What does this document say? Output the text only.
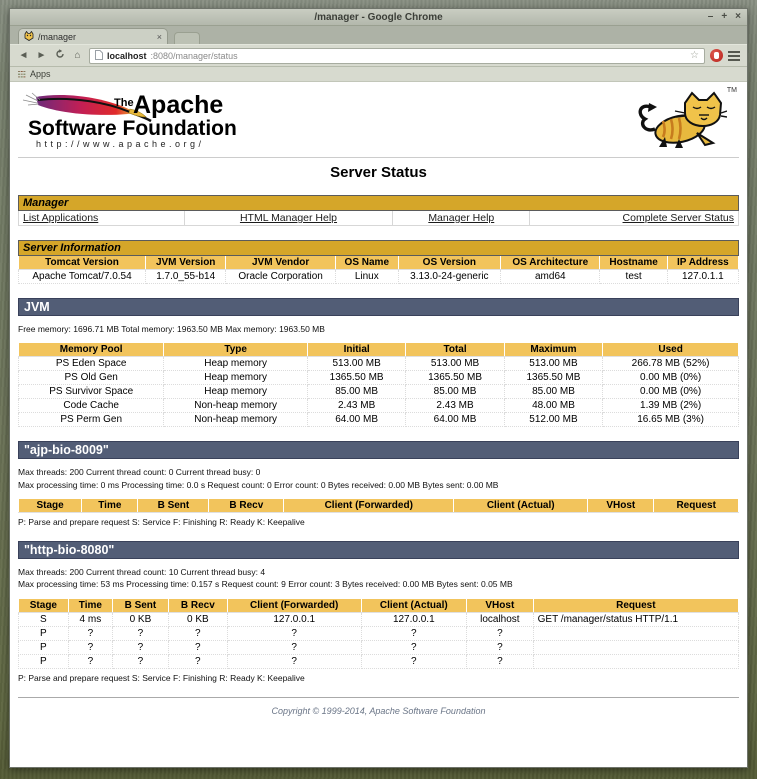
/manager - Google Chrome	– + ×
/manager	×
◄ ►	⌂	localhost :8080/manager/status	☆
Apps
The Apache
Software Foundation
http://www.apache.org/
TM
Server Status
Manager
List Applications	HTML Manager Help	Manager Help	Complete Server Status
Server Information							
Tomcat Version	JVM Version	JVM Vendor	OS Name	OS Version	OS Architecture	Hostname	IP Address
Apache Tomcat/7.0.54	1.7.0_55-b14	Oracle Corporation	Linux	3.13.0-24-generic	amd64	test	127.0.1.1
JVM
Free memory: 1696.71 MB Total memory: 1963.50 MB Max memory: 1963.50 MB
Memory Pool	Type	Initial	Total	Maximum	Used
PS Eden Space	Heap memory	513.00 MB	513.00 MB	513.00 MB	266.78 MB (52%)
PS Old Gen	Heap memory	1365.50 MB	1365.50 MB	1365.50 MB	0.00 MB (0%)
PS Survivor Space	Heap memory	85.00 MB	85.00 MB	85.00 MB	0.00 MB (0%)
Code Cache	Non-heap memory	2.43 MB	2.43 MB	48.00 MB	1.39 MB (2%)
PS Perm Gen	Non-heap memory	64.00 MB	64.00 MB	512.00 MB	16.65 MB (3%)
"ajp-bio-8009"
Max threads: 200 Current thread count: 0 Current thread busy: 0
Max processing time: 0 ms Processing time: 0.0 s Request count: 0 Error count: 0 Bytes received: 0.00 MB Bytes sent: 0.00 MB
Stage	Time	B Sent	B Recv	Client (Forwarded)	Client (Actual)	VHost	Request
P: Parse and prepare request S: Service F: Finishing R: Ready K: Keepalive
"http-bio-8080"
Max threads: 200 Current thread count: 10 Current thread busy: 4
Max processing time: 53 ms Processing time: 0.157 s Request count: 9 Error count: 3 Bytes received: 0.00 MB Bytes sent: 0.05 MB
Stage	Time	B Sent	B Recv	Client (Forwarded)	Client (Actual)	VHost	Request
S	4 ms	0 KB	0 KB	127.0.0.1	127.0.0.1	localhost	GET /manager/status HTTP/1.1
P	?	?	?	?	?	?	
P	?	?	?	?	?	?	
P	?	?	?	?	?	?	
P: Parse and prepare request S: Service F: Finishing R: Ready K: Keepalive
Copyright © 1999-2014, Apache Software Foundation
